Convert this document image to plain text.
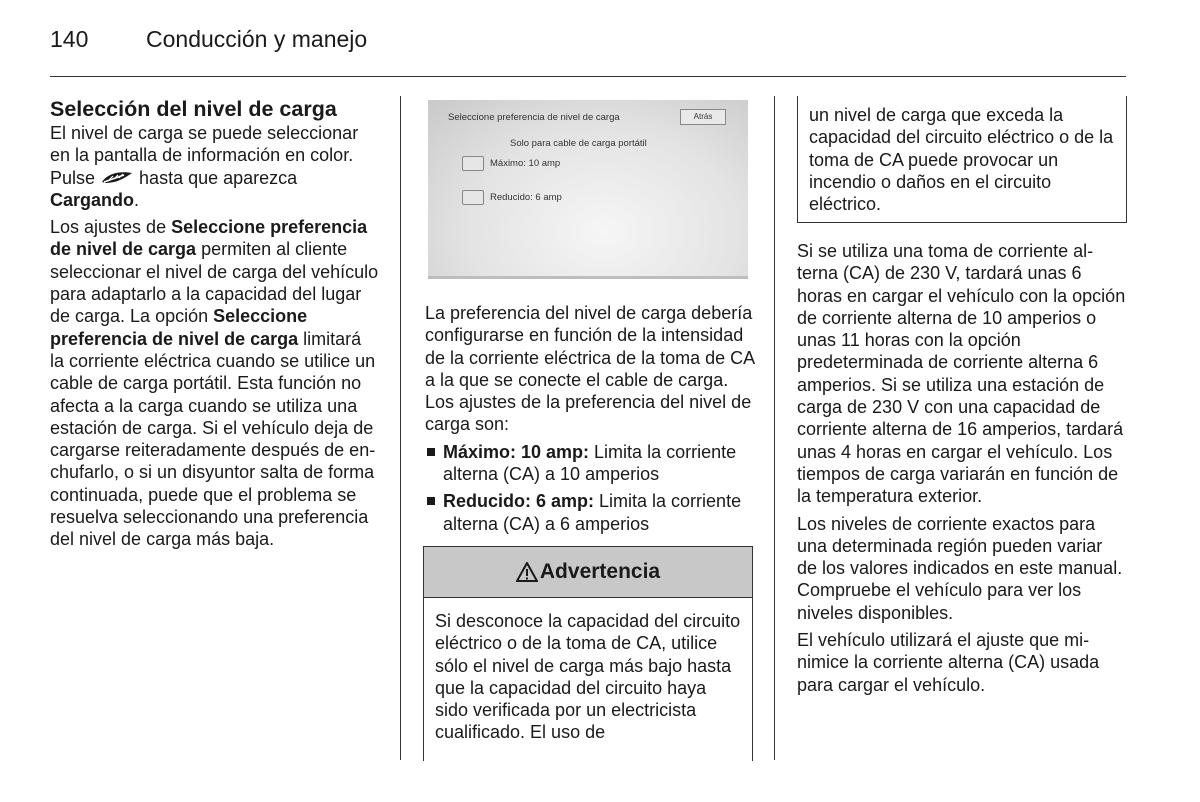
140	Conducción y manejo
Selección del nivel de carga

El nivel de carga se puede seleccionar en la pantalla de información en color. Pulse  hasta que aparezca Cargando.

Los ajustes de Seleccione preferencia de nivel de carga permiten al cliente seleccionar el nivel de carga del vehículo para adaptarlo a la capacidad del lugar de carga. La opción Seleccione preferencia de nivel de carga limitará la corriente eléctrica cuando se utilice un cable de carga portátil. Esta función no afecta a la carga cuando se utiliza una estación de carga. Si el vehículo deja de cargarse reiteradamente después de enchufarlo, o si un disyuntor salta de forma continuada, puede que el problema se resuelva seleccionando una preferencia del nivel de carga más baja.

Seleccione preferencia de nivel de carga	Atrás
Solo para cable de carga portátil
Máximo: 10 amp
Reducido: 6 amp

La preferencia del nivel de carga debería configurarse en función de la intensidad de la corriente eléctrica de la toma de CA a la que se conecte el cable de carga. Los ajustes de la preferencia del nivel de carga son:

Máximo: 10 amp: Limita la corriente alterna (CA) a 10 amperios
Reducido: 6 amp: Limita la corriente alterna (CA) a 6 amperios
Advertencia
Si desconoce la capacidad del circuito eléctrico o de la toma de CA, utilice sólo el nivel de carga más bajo hasta que la capacidad del circuito haya sido verificada por un electricista cualificado. El uso de
un nivel de carga que exceda la capacidad del circuito eléctrico o de la toma de CA puede provocar un incendio o daños en el circuito eléctrico.

Si se utiliza una toma de corriente alterna (CA) de 230 V, tardará unas 6 horas en cargar el vehículo con la opción de corriente alterna de 10 amperios o unas 11 horas con la opción predeterminada de corriente alterna 6 amperios. Si se utiliza una estación de carga de 230 V con una capacidad de corriente alterna de 16 amperios, tardará unas 4 horas en cargar el vehículo. Los tiempos de carga variarán en función de la temperatura exterior.

Los niveles de corriente exactos para una determinada región pueden variar de los valores indicados en este manual. Compruebe el vehículo para ver los niveles disponibles.

El vehículo utilizará el ajuste que minimice la corriente alterna (CA) usada para cargar el vehículo.
